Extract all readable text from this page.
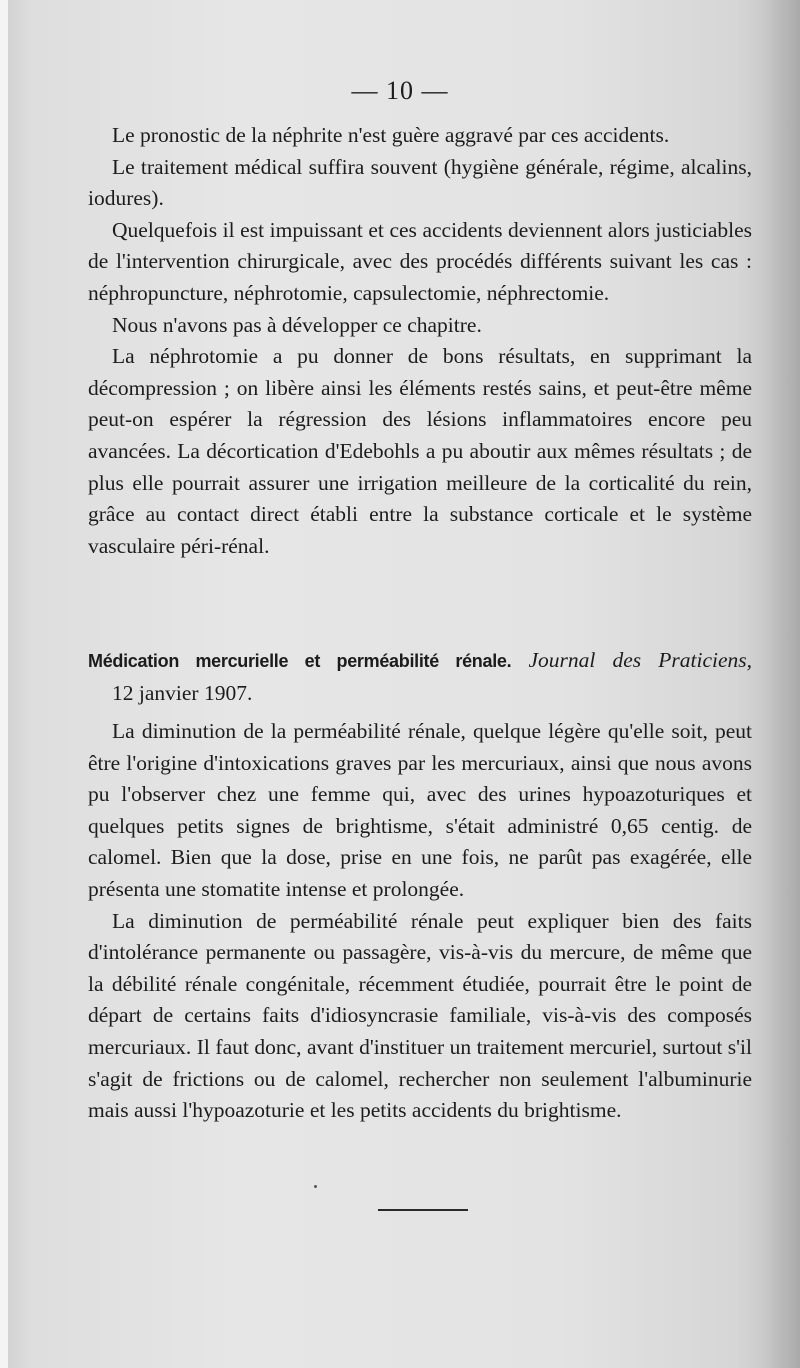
— 10 —

Le pronostic de la néphrite n'est guère aggravé par ces accidents.

Le traitement médical suffira souvent (hygiène générale, régime, alcalins, iodures).

Quelquefois il est impuissant et ces accidents deviennent alors justiciables de l'intervention chirurgicale, avec des procédés différents suivant les cas : néphropuncture, néphrotomie, capsulectomie, néphrectomie.

Nous n'avons pas à développer ce chapitre.

La néphrotomie a pu donner de bons résultats, en supprimant la décompression ; on libère ainsi les éléments restés sains, et peut-être même peut-on espérer la régression des lésions inflammatoires encore peu avancées. La décortication d'Edebohls a pu aboutir aux mêmes résultats ; de plus elle pourrait assurer une irrigation meilleure de la corticalité du rein, grâce au contact direct établi entre la substance corticale et le système vasculaire péri-rénal.

Médication mercurielle et perméabilité rénale. Journal des Praticiens,
12 janvier 1907.

La diminution de la perméabilité rénale, quelque légère qu'elle soit, peut être l'origine d'intoxications graves par les mercuriaux, ainsi que nous avons pu l'observer chez une femme qui, avec des urines hypoazoturiques et quelques petits signes de brightisme, s'était administré 0,65 centig. de calomel. Bien que la dose, prise en une fois, ne parût pas exagérée, elle présenta une stomatite intense et prolongée.

La diminution de perméabilité rénale peut expliquer bien des faits d'intolérance permanente ou passagère, vis-à-vis du mercure, de même que la débilité rénale congénitale, récemment étudiée, pourrait être le point de départ de certains faits d'idiosyncrasie familiale, vis-à-vis des composés mercuriaux. Il faut donc, avant d'instituer un traitement mercuriel, surtout s'il s'agit de frictions ou de calomel, rechercher non seulement l'albuminurie mais aussi l'hypoazoturie et les petits accidents du brightisme.
